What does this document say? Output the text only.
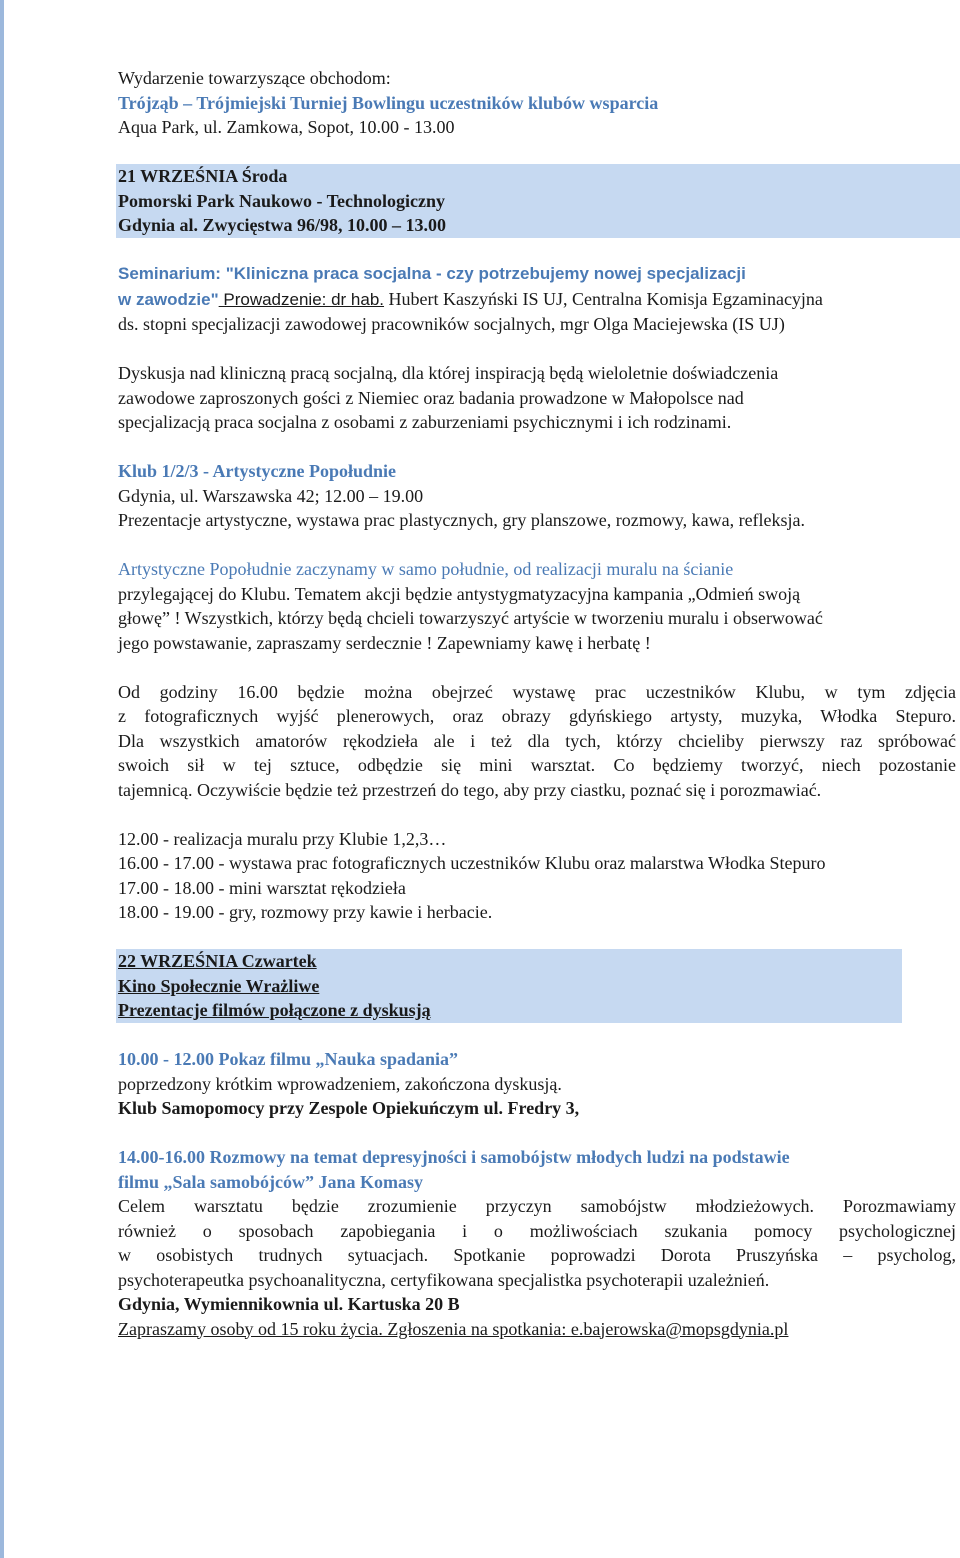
Wydarzenie towarzyszące obchodom:

Trójząb – Trójmiejski Turniej Bowlingu uczestników klubów wsparcia

Aqua Park, ul. Zamkowa, Sopot, 10.00 - 13.00

21 WRZEŚNIA Środa

Pomorski Park Naukowo - Technologiczny

Gdynia al. Zwycięstwa 96/98, 10.00 – 13.00

Seminarium: "Kliniczna praca socjalna - czy potrzebujemy nowej specjalizacji

w zawodzie" Prowadzenie: dr hab. Hubert Kaszyński IS UJ, Centralna Komisja Egzaminacyjna

ds. stopni specjalizacji zawodowej pracowników socjalnych, mgr Olga Maciejewska (IS UJ)

Dyskusja nad kliniczną pracą socjalną, dla której inspiracją będą wieloletnie doświadczenia

zawodowe zaproszonych gości z Niemiec oraz badania prowadzone w Małopolsce nad

specjalizacją praca socjalna z osobami z zaburzeniami psychicznymi i ich rodzinami.

Klub 1/2/3 - Artystyczne Popołudnie

Gdynia, ul. Warszawska 42; 12.00 – 19.00

Prezentacje artystyczne, wystawa prac plastycznych, gry planszowe, rozmowy, kawa, refleksja.

Artystyczne Popołudnie zaczynamy w samo południe, od realizacji muralu na ścianie

przylegającej do Klubu. Tematem akcji będzie antystygmatyzacyjna kampania „Odmień swoją

głowę” ! Wszystkich, którzy będą chcieli towarzyszyć artyście w tworzeniu muralu i obserwować

jego powstawanie, zapraszamy serdecznie ! Zapewniamy kawę i herbatę !

Od godziny 16.00 będzie można obejrzeć wystawę prac uczestników Klubu, w tym zdjęcia

z fotograficznych wyjść plenerowych, oraz obrazy gdyńskiego artysty, muzyka, Włodka Stepuro.

Dla wszystkich amatorów rękodzieła ale i też dla tych, którzy chcieliby pierwszy raz spróbować

swoich sił w tej sztuce, odbędzie się mini warsztat. Co będziemy tworzyć, niech pozostanie

tajemnicą. Oczywiście będzie też przestrzeń do tego, aby przy ciastku, poznać się i porozmawiać.

12.00 - realizacja muralu przy Klubie 1,2,3…

16.00 - 17.00 - wystawa prac fotograficznych uczestników Klubu oraz malarstwa Włodka Stepuro

17.00 - 18.00 - mini warsztat rękodzieła

18.00 - 19.00 - gry, rozmowy przy kawie i herbacie.

22 WRZEŚNIA Czwartek

Kino Społecznie Wrażliwe

Prezentacje filmów połączone z dyskusją

10.00 - 12.00 Pokaz filmu „Nauka spadania”

poprzedzony krótkim wprowadzeniem, zakończona dyskusją.

Klub Samopomocy przy Zespole Opiekuńczym ul. Fredry 3,

14.00-16.00 Rozmowy na temat depresyjności i samobójstw młodych ludzi na podstawie

filmu „Sala samobójców” Jana Komasy

Celem warsztatu będzie zrozumienie przyczyn samobójstw młodzieżowych. Porozmawiamy

również o sposobach zapobiegania i o możliwościach szukania pomocy psychologicznej

w osobistych trudnych sytuacjach. Spotkanie poprowadzi Dorota Pruszyńska – psycholog,

psychoterapeutka psychoanalityczna, certyfikowana specjalistka psychoterapii uzależnień.

Gdynia, Wymiennikownia ul. Kartuska 20 B

Zapraszamy osoby od 15 roku życia. Zgłoszenia na spotkania: e.bajerowska@mopsgdynia.pl
